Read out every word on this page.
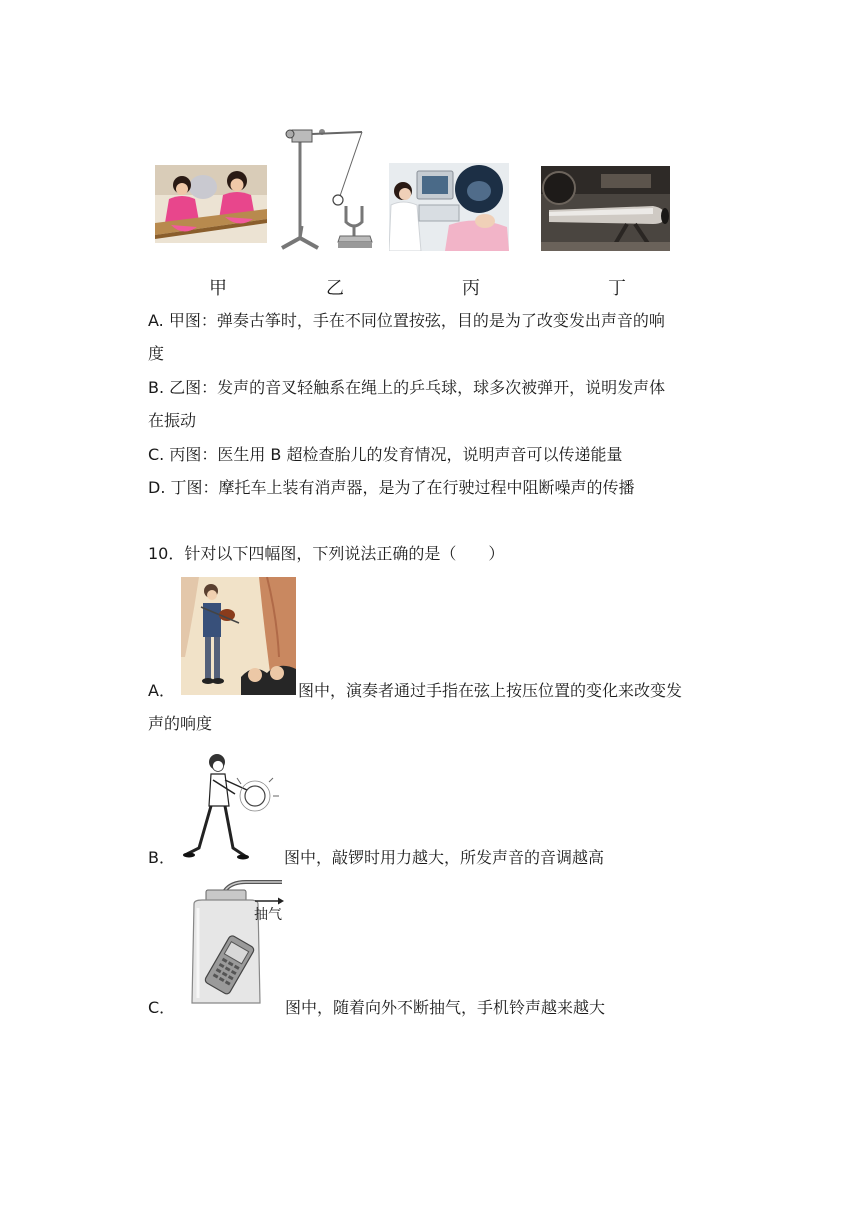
甲	乙	丙	丁
A. 甲图：弹奏古筝时，手在不同位置按弦，目的是为了改变发出声音的响
度
B. 乙图：发声的音叉轻触系在绳上的乒乓球，球多次被弹开，说明发声体
在振动
C. 丙图：医生用 B 超检查胎儿的发育情况，说明声音可以传递能量
D. 丁图：摩托车上装有消声器，是为了在行驶过程中阻断噪声的传播
10．针对以下四幅图，下列说法正确的是（　　）
A．	图中，演奏者通过手指在弦上按压位置的变化来改变发
声的响度
B．	图中，敲锣时用力越大，所发声音的音调越高
抽气
C．	图中，随着向外不断抽气，手机铃声越来越大
